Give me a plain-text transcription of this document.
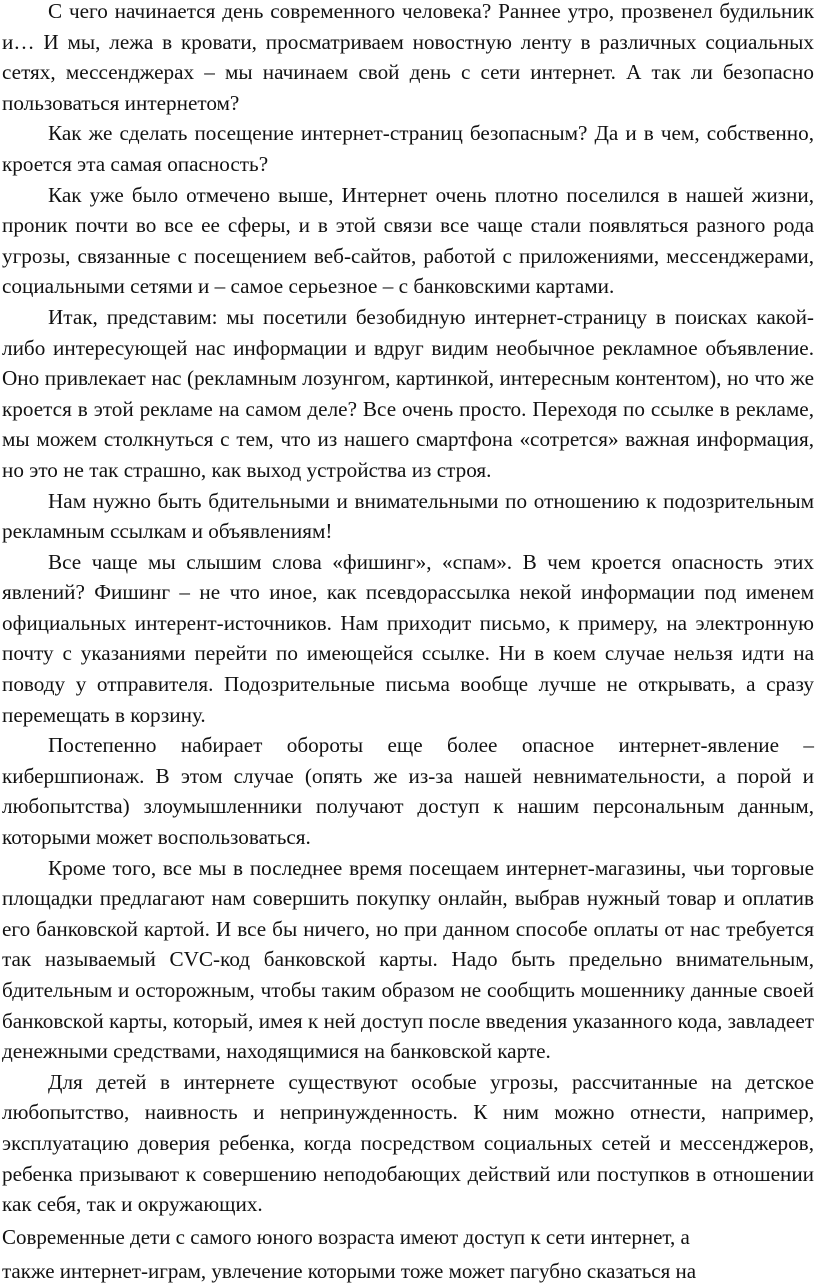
С чего начинается день современного человека? Раннее утро, прозвенел будильник и… И мы, лежа в кровати, просматриваем новостную ленту в различных социальных сетях, мессенджерах – мы начинаем свой день с сети интернет. А так ли безопасно пользоваться интернетом?

Как же сделать посещение интернет-страниц безопасным? Да и в чем, собственно, кроется эта самая опасность?

Как уже было отмечено выше, Интернет очень плотно поселился в нашей жизни, проник почти во все ее сферы, и в этой связи все чаще стали появляться разного рода угрозы, связанные с посещением веб-сайтов, работой с приложениями, мессенджерами, социальными сетями и – самое серьезное – с банковскими картами.

Итак, представим: мы посетили безобидную интернет-страницу в поисках какой-либо интересующей нас информации и вдруг видим необычное рекламное объявление. Оно привлекает нас (рекламным лозунгом, картинкой, интересным контентом), но что же кроется в этой рекламе на самом деле? Все очень просто. Переходя по ссылке в рекламе, мы можем столкнуться с тем, что из нашего смартфона «сотрется» важная информация, но это не так страшно, как выход устройства из строя.

Нам нужно быть бдительными и внимательными по отношению к подозрительным рекламным ссылкам и объявлениям!

Все чаще мы слышим слова «фишинг», «спам». В чем кроется опасность этих явлений? Фишинг – не что иное, как псевдорассылка некой информации под именем официальных интерент-источников. Нам приходит письмо, к примеру, на электронную почту с указаниями перейти по имеющейся ссылке. Ни в коем случае нельзя идти на поводу у отправителя. Подозрительные письма вообще лучше не открывать, а сразу перемещать в корзину.

Постепенно набирает обороты еще более опасное интернет-явление – кибершпионаж. В этом случае (опять же из-за нашей невнимательности, а порой и любопытства) злоумышленники получают доступ к нашим персональным данным, которыми может воспользоваться.

Кроме того, все мы в последнее время посещаем интернет-магазины, чьи торговые площадки предлагают нам совершить покупку онлайн, выбрав нужный товар и оплатив его банковской картой. И все бы ничего, но при данном способе оплаты от нас требуется так называемый CVC-код банковской карты. Надо быть предельно внимательным, бдительным и осторожным, чтобы таким образом не сообщить мошеннику данные своей банковской карты, который, имея к ней доступ после введения указанного кода, завладеет денежными средствами, находящимися на банковской карте.

Для детей в интернете существуют особые угрозы, рассчитанные на детское любопытство, наивность и непринужденность. К ним можно отнести, например, эксплуатацию доверия ребенка, когда посредством социальных сетей и мессенджеров, ребенка призывают к совершению неподобающих действий или поступков в отношении как себя, так и окружающих.

Современные дети с самого юного возраста имеют доступ к сети интернет, а

также интернет-играм, увлечение которыми тоже может пагубно сказаться на
